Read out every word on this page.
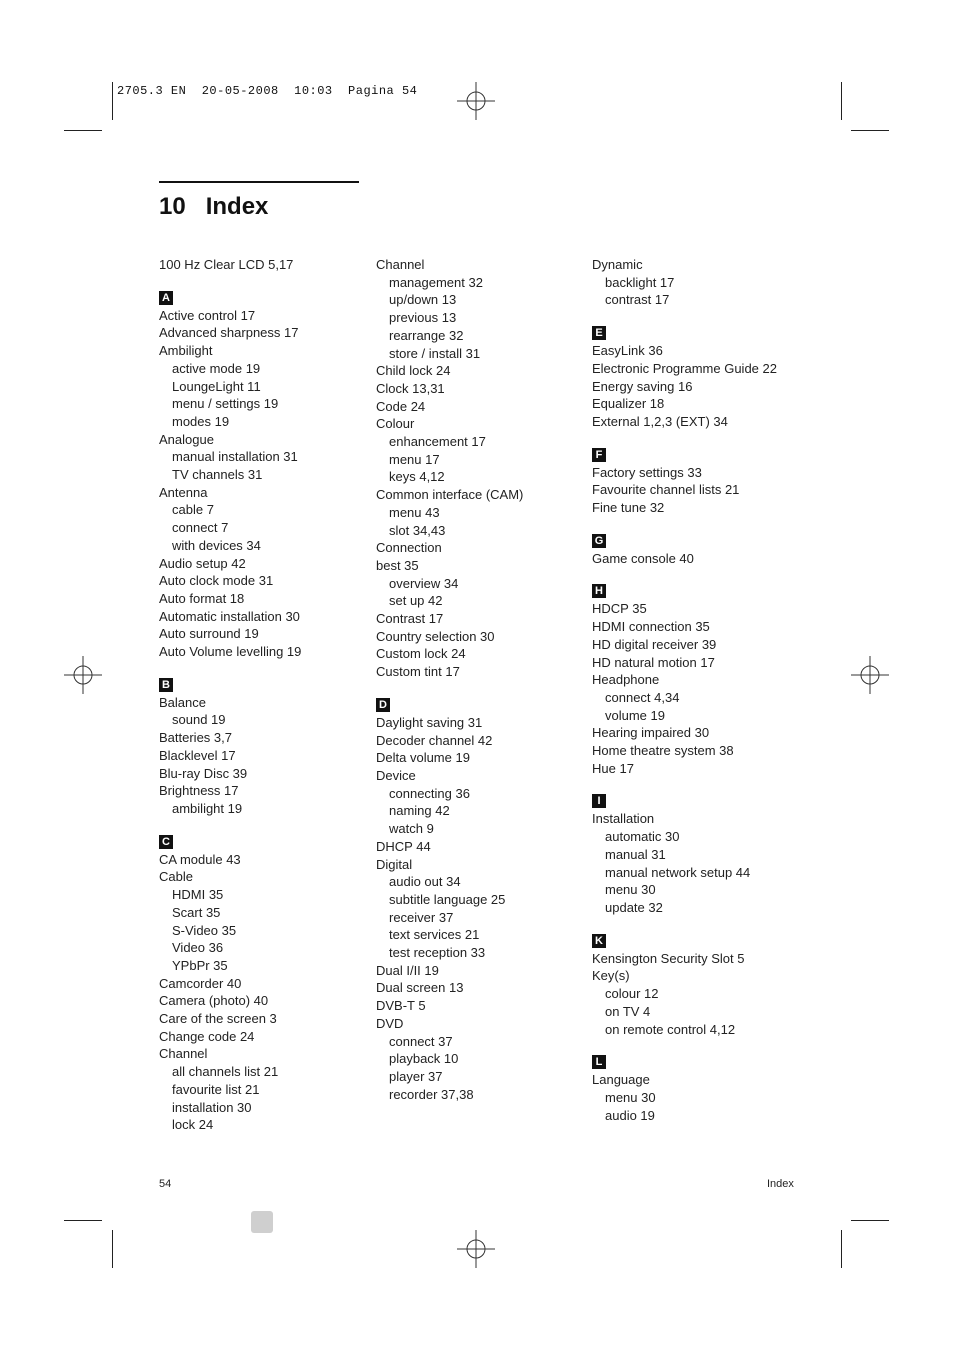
2705.3 EN  20-05-2008  10:03  Pagina 54
10   Index
100 Hz Clear LCD 5,17
A
Active control 17
Advanced sharpness 17
Ambilight
active mode 19
LoungeLight 11
menu / settings 19
modes 19
Analogue
manual installation 31
TV channels 31
Antenna
cable 7
connect 7
with devices 34
Audio setup 42
Auto clock mode 31
Auto format 18
Automatic installation 30
Auto surround 19
Auto Volume levelling 19
B
Balance
sound 19
Batteries 3,7
Blacklevel 17
Blu-ray Disc 39
Brightness 17
ambilight 19
C
CA module 43
Cable
HDMI 35
Scart 35
S-Video 35
Video 36
YPbPr 35
Camcorder 40
Camera (photo) 40
Care of the screen 3
Change code 24
Channel
all channels list 21
favourite list 21
installation 30
lock 24
Channel
management 32
up/down 13
previous 13
rearrange 32
store / install 31
Child lock 24
Clock 13,31
Code 24
Colour
enhancement 17
menu 17
keys 4,12
Common interface (CAM)
menu 43
slot 34,43
Connection
best 35
overview 34
set up 42
Contrast 17
Country selection 30
Custom lock 24
Custom tint 17
D
Daylight saving 31
Decoder channel 42
Delta volume 19
Device
connecting 36
naming 42
watch 9
DHCP 44
Digital
audio out 34
subtitle language 25
receiver 37
text services 21
test reception 33
Dual I/II 19
Dual screen 13
DVB-T 5
DVD
connect 37
playback 10
player 37
recorder 37,38
Dynamic
backlight 17
contrast 17
E
EasyLink 36
Electronic Programme Guide 22
Energy saving 16
Equalizer 18
External 1,2,3 (EXT) 34
F
Factory settings 33
Favourite channel lists 21
Fine tune 32
G
Game console 40
H
HDCP 35
HDMI connection 35
HD digital receiver 39
HD natural motion 17
Headphone
connect 4,34
volume 19
Hearing impaired 30
Home theatre system 38
Hue 17
I
Installation
automatic 30
manual 31
manual network setup 44
menu 30
update 32
K
Kensington Security Slot 5
Key(s)
colour 12
on TV 4
on remote control 4,12
L
Language
menu 30
audio 19
54	Index
